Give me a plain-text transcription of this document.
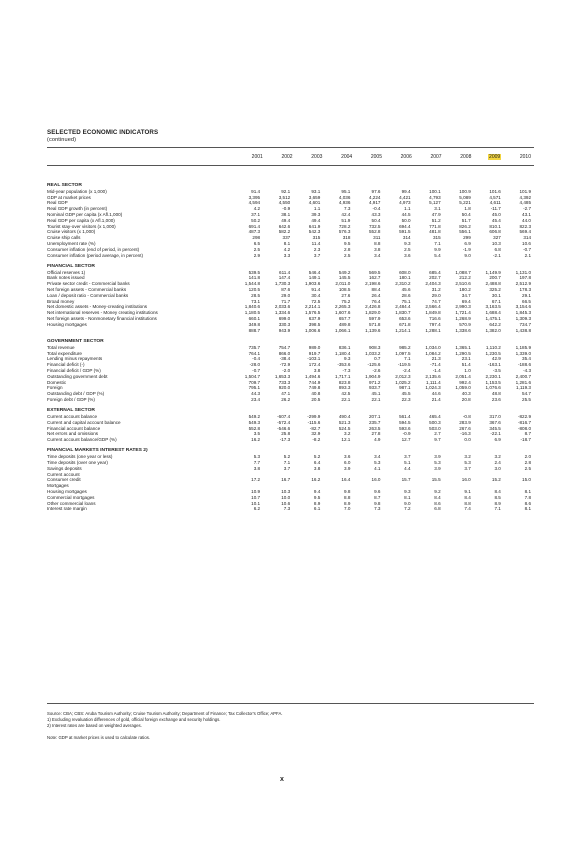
SELECTED ECONOMIC INDICATORS
(continued)
	2001	2002	2003	2004	2005	2006	2007	2008	2009	2010
REAL SECTOR										
Mid-year population (x 1,000)	91.4	92.1	93.1	95.1	97.6	99.4	100.1	100.9	101.6	101.9
GDP at market prices	3,395	3,512	3,659	4,036	4,224	4,421	4,793	5,089	4,571	4,392
Real GDP	4,594	4,550	4,601	4,936	4,917	4,973	5,127	5,221	4,611	4,485
Real GDP growth (in percent)	4.2	-0.9	1.1	7.3	-0.4	1.1	3.1	1.8	-11.7	-2.7
Nominal GDP per capita (x Afl.1,000)	37.1	38.1	39.3	42.4	43.3	44.5	47.9	50.4	45.0	43.1
Real GDP per capita (x Afl.1,000)	50.2	49.4	49.4	51.9	50.4	50.0	51.2	51.7	45.4	44.0
Tourist stay-over visitors (x 1,000)	691.4	642.6	641.9	728.2	732.5	694.4	771.8	826.2	810.1	822.3
Cruise visitors (x 1,000)	487.3	582.2	542.3	576.3	552.8	591.5	481.8	556.1	606.8	569.4
Cruise ship calls	298	337	315	318	311	314	315	299	327	314
Unemployment rate (%)	6.5	8.1	11.4	9.5	8.8	9.3	7.1	6.9	10.3	10.6
Consumer inflation (end of period, in percent)	2.5	4.2	2.3	2.8	3.8	2.5	9.9	-1.9	6.8	-0.7
Consumer inflation (period average, in percent)	2.9	3.3	3.7	2.5	3.4	3.6	5.4	9.0	-2.1	2.1

FINANCIAL SECTOR										
Official reserves 1)	539.5	611.4	546.4	549.2	569.5	608.0	685.4	1,088.7	1,149.9	1,131.0
Bank notes issued	141.8	147.4	149.1	145.5	162.7	180.1	202.7	212.2	200.7	197.8
Private sector credit - Commercial banks	1,544.8	1,730.3	1,903.6	2,011.0	2,198.6	2,310.2	2,404.3	2,510.6	2,488.8	2,512.9
Net foreign assets - Commercial banks	120.5	87.6	91.4	108.5	88.4	45.6	31.2	180.2	325.2	178.3
Loan / deposit ratio - Commercial banks	28.5	29.0	30.4	27.6	26.4	28.6	29.0	34.7	30.1	29.1
Broad money	73.1	71.7	72.5	75.2	76.4	75.1	74.7	69.4	67.1	66.5
Net domestic assets - Money-creating institutions	1,840.6	2,033.6	2,214.1	2,265.3	2,426.8	2,484.4	2,566.4	2,990.3	3,163.5	3,154.6
Net international reserves - Money creating institutions	1,180.5	1,334.6	1,576.5	1,607.6	1,829.0	1,830.7	1,849.8	1,721.4	1,688.4	1,845.3
Net foreign assets - Nonmonetary financial institutions	660.1	699.0	637.9	657.7	597.9	653.6	716.6	1,268.9	1,475.1	1,309.3
Housing mortgages	349.8	330.3	398.5	489.8	571.8	671.8	797.4	570.9	642.2	734.7
	888.7	943.9	1,006.6	1,066.1	1,139.6	1,214.1	1,288.1	1,338.6	1,382.0	1,438.8

GOVERNMENT SECTOR										
Total revenue	735.7	754.7	989.0	836.1	908.3	985.2	1,034.0	1,365.1	1,110.2	1,185.9
Total expenditure	764.1	866.0	919.7	1,180.4	1,033.2	1,097.5	1,084.2	1,290.5	1,230.5	1,339.0
Lending minus repayments	-0.4	-38.4	-103.1	9.3	0.7	7.1	21.3	23.1	42.9	35.4
Financial deficit (-)	-28.0	-72.9	172.4	-353.6	-125.6	-119.5	-71.4	51.4	-163.1	-188.6
Financial deficit / GDP (%)	-0.7	-2.0	3.8	-7.3	-2.6	-2.4	-1.4	1.0	-3.5	-4.3
Outstanding government debt	1,504.7	1,653.3	1,494.6	1,717.1	1,904.9	2,012.3	2,135.6	2,051.4	2,230.1	2,400.7
Domestic	709.7	733.3	744.9	823.8	971.2	1,025.2	1,111.4	992.4	1,153.5	1,281.6
Foreign	795.1	920.0	749.8	893.3	933.7	987.1	1,024.3	1,059.0	1,076.6	1,119.3
Outstanding debt / GDP (%)	44.3	47.1	40.8	42.5	45.1	45.5	44.6	40.3	48.8	54.7
Foreign debt / GDP (%)	23.4	26.2	20.5	22.1	22.1	22.3	21.4	20.8	23.6	25.5

EXTERNAL SECTOR										
Current account balance	549.2	-607.4	-299.9	490.4	207.1	561.4	465.4	-0.8	317.0	-822.9
Current and capital account balance	549.3	-572.4	-115.6	521.3	235.7	594.5	500.3	283.9	367.6	-816.7
Financial account balance	552.8	-546.6	-82.7	524.5	263.5	593.6	503.0	267.6	345.5	-808.0
Net errors and omissions	3.5	25.8	32.9	3.2	27.8	-0.9	2.7	-16.3	-22.1	8.7
Current account balance/GDP (%)	16.2	-17.3	-8.2	12.1	4.9	12.7	9.7	0.0	6.9	-18.7

FINANCIAL MARKETS INTEREST RATES 2)										
Time deposits (one year or less)	5.3	5.2	5.2	3.6	3.4	3.7	3.9	3.2	3.2	2.0
Time deposits (over one year)	7.7	7.1	6.4	6.0	5.3	5.1	5.3	5.3	2.4	2.8
Savings deposits	3.8	3.7	3.8	3.9	4.1	4.4	3.9	3.7	3.0	2.5
Current account										
Consumer credit	17.2	16.7	16.2	16.4	16.0	15.7	15.5	16.0	15.2	15.0
Mortgages										
Housing mortgages	10.9	10.3	9.4	9.8	9.6	9.3	9.2	9.1	8.4	8.1
Commercial mortgages	10.7	10.0	9.5	8.8	8.7	8.1	8.4	8.4	8.5	7.8
Other commercial loans	10.1	10.6	8.9	8.9	9.8	9.0	8.6	8.8	8.9	8.6
Interest rate margin	6.2	7.3	6.1	7.0	7.3	7.2	6.8	7.4	7.1	8.1
Source: CBA; CBS: Aruba Tourism Authority; Cruise Tourism Authority; Department of Finance; Tax Collector's Office; APFA.
1) Excluding revaluation differences of gold, official foreign exchange and security holdings.
2) Interest rates are based on weighted averages.
Note: GDP at market prices is used to calculate ratios.
x
